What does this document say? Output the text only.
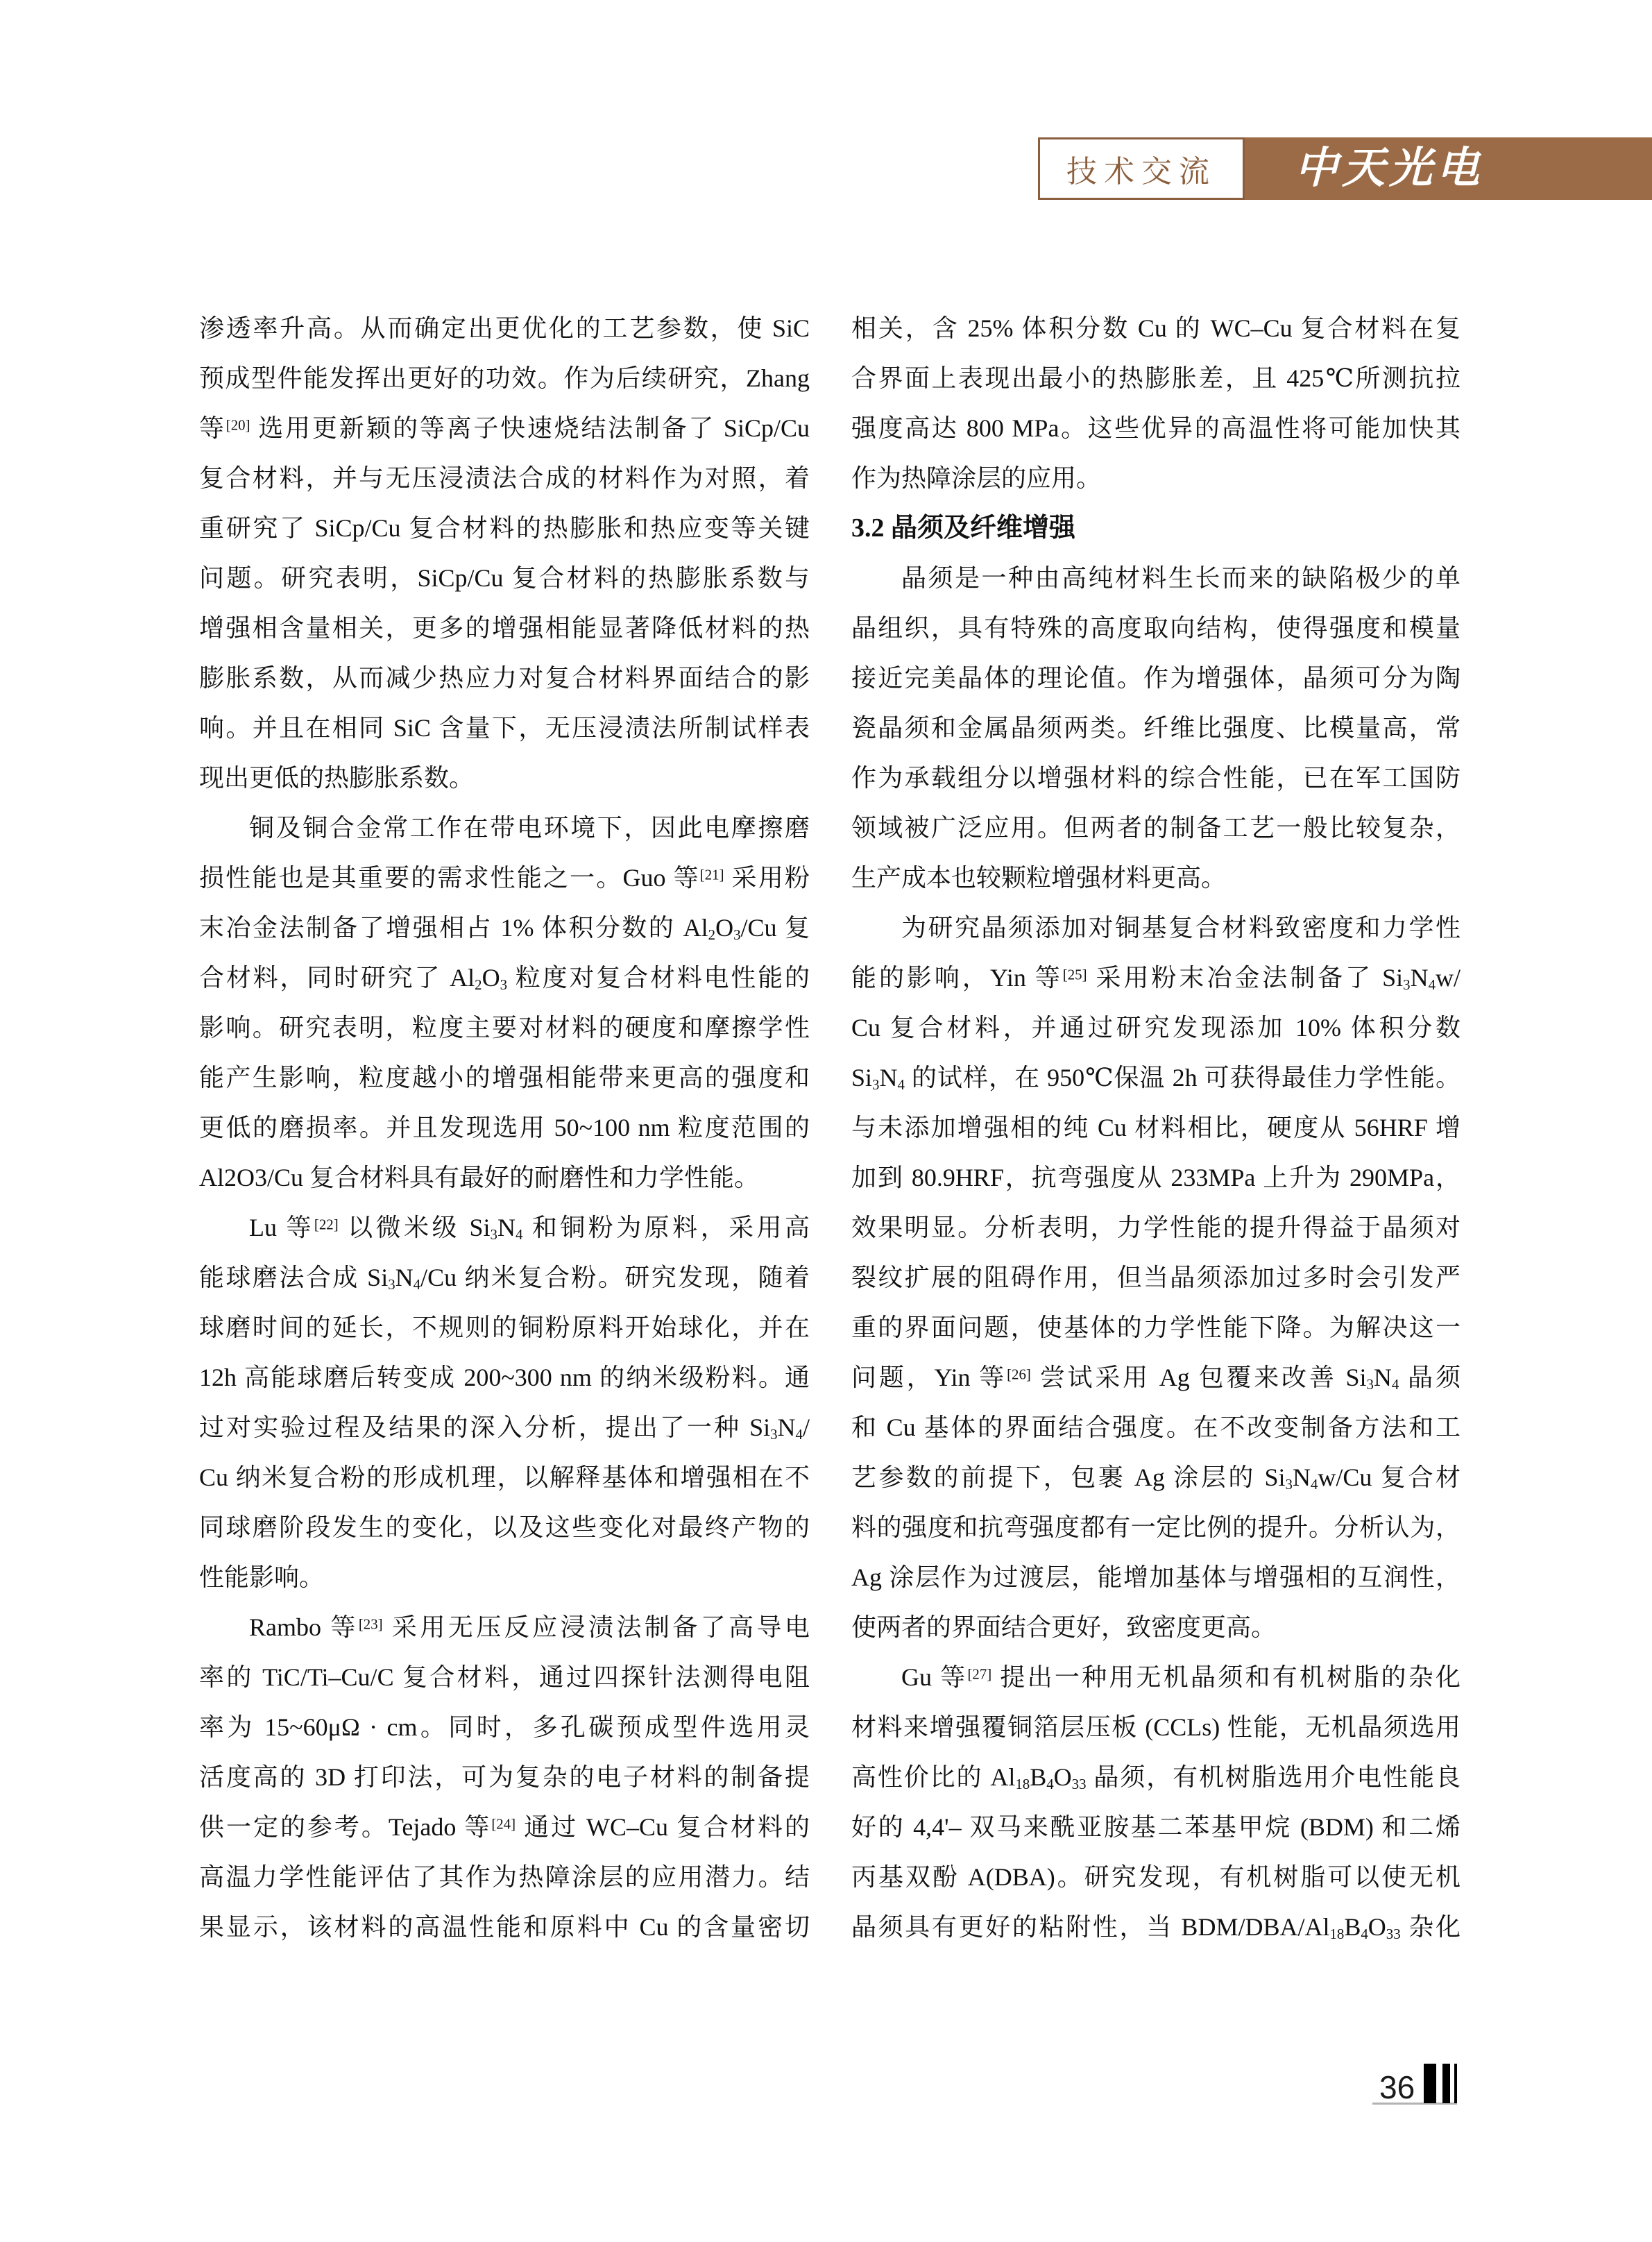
技术交流 中天光电
渗透率升高。从而确定出更优化的工艺参数，使 SiC
预成型件能发挥出更好的功效。作为后续研究，Zhang
等[20] 选用更新颖的等离子快速烧结法制备了 SiCp/Cu
复合材料，并与无压浸渍法合成的材料作为对照，着
重研究了 SiCp/Cu 复合材料的热膨胀和热应变等关键
问题。研究表明，SiCp/Cu 复合材料的热膨胀系数与
增强相含量相关，更多的增强相能显著降低材料的热
膨胀系数，从而减少热应力对复合材料界面结合的影
响。并且在相同 SiC 含量下，无压浸渍法所制试样表
现出更低的热膨胀系数。
铜及铜合金常工作在带电环境下，因此电摩擦磨
损性能也是其重要的需求性能之一。Guo 等[21] 采用粉
末冶金法制备了增强相占 1% 体积分数的 $Al_2O_3/Cu$ 复
合材料，同时研究了 $Al_2O_3$ 粒度对复合材料电性能的
影响。研究表明，粒度主要对材料的硬度和摩擦学性
能产生影响，粒度越小的增强相能带来更高的强度和
更低的磨损率。并且发现选用 50~100 nm 粒度范围的
Al2O3/Cu 复合材料具有最好的耐磨性和力学性能。
Lu 等[22] 以微米级 $Si_3N_4$ 和铜粉为原料，采用高
能球磨法合成 $Si_3N_4/Cu$ 纳米复合粉。研究发现，随着
球磨时间的延长，不规则的铜粉原料开始球化，并在
12h 高能球磨后转变成 200~300 nm 的纳米级粉料。通
过对实验过程及结果的深入分析，提出了一种 $Si_3N_4/$
Cu 纳米复合粉的形成机理，以解释基体和增强相在不
同球磨阶段发生的变化，以及这些变化对最终产物的
性能影响。
Rambo 等[23] 采用无压反应浸渍法制备了高导电
率的 TiC/Ti–Cu/C 复合材料，通过四探针法测得电阻
率为 15~60μΩ · cm。同时，多孔碳预成型件选用灵
活度高的 3D 打印法，可为复杂的电子材料的制备提
供一定的参考。Tejado 等[24] 通过 WC–Cu 复合材料的
高温力学性能评估了其作为热障涂层的应用潜力。结
果显示，该材料的高温性能和原料中 Cu 的含量密切
相关，含 25% 体积分数 Cu 的 WC–Cu 复合材料在复
合界面上表现出最小的热膨胀差，且 425℃所测抗拉
强度高达 800 MPa。这些优异的高温性将可能加快其
作为热障涂层的应用。
3.2 晶须及纤维增强
晶须是一种由高纯材料生长而来的缺陷极少的单
晶组织，具有特殊的高度取向结构，使得强度和模量
接近完美晶体的理论值。作为增强体，晶须可分为陶
瓷晶须和金属晶须两类。纤维比强度、比模量高，常
作为承载组分以增强材料的综合性能，已在军工国防
领域被广泛应用。但两者的制备工艺一般比较复杂，
生产成本也较颗粒增强材料更高。
为研究晶须添加对铜基复合材料致密度和力学性
能的影响，Yin 等[25] 采用粉末冶金法制备了 $Si_3N_4w/$
Cu 复合材料，并通过研究发现添加 10% 体积分数
$Si_3N_4$ 的试样，在 950℃保温 2h 可获得最佳力学性能。
与未添加增强相的纯 Cu 材料相比，硬度从 56HRF 增
加到 80.9HRF，抗弯强度从 233MPa 上升为 290MPa，
效果明显。分析表明，力学性能的提升得益于晶须对
裂纹扩展的阻碍作用，但当晶须添加过多时会引发严
重的界面问题，使基体的力学性能下降。为解决这一
问题，Yin 等[26] 尝试采用 Ag 包覆来改善 $Si_3N_4$ 晶须
和 Cu 基体的界面结合强度。在不改变制备方法和工
艺参数的前提下，包裹 Ag 涂层的 $Si_3N_4w/Cu$ 复合材
料的强度和抗弯强度都有一定比例的提升。分析认为，
Ag 涂层作为过渡层，能增加基体与增强相的互润性，
使两者的界面结合更好，致密度更高。
Gu 等[27] 提出一种用无机晶须和有机树脂的杂化
材料来增强覆铜箔层压板 (CCLs) 性能，无机晶须选用
高性价比的 $Al_{18}B_4O_{33}$ 晶须，有机树脂选用介电性能良
好的 4,4'– 双马来酰亚胺基二苯基甲烷 (BDM) 和二烯
丙基双酚 A(DBA)。研究发现，有机树脂可以使无机
晶须具有更好的粘附性，当 BDM/$DBA/Al_{18}B_4O_{33}$ 杂化
36
